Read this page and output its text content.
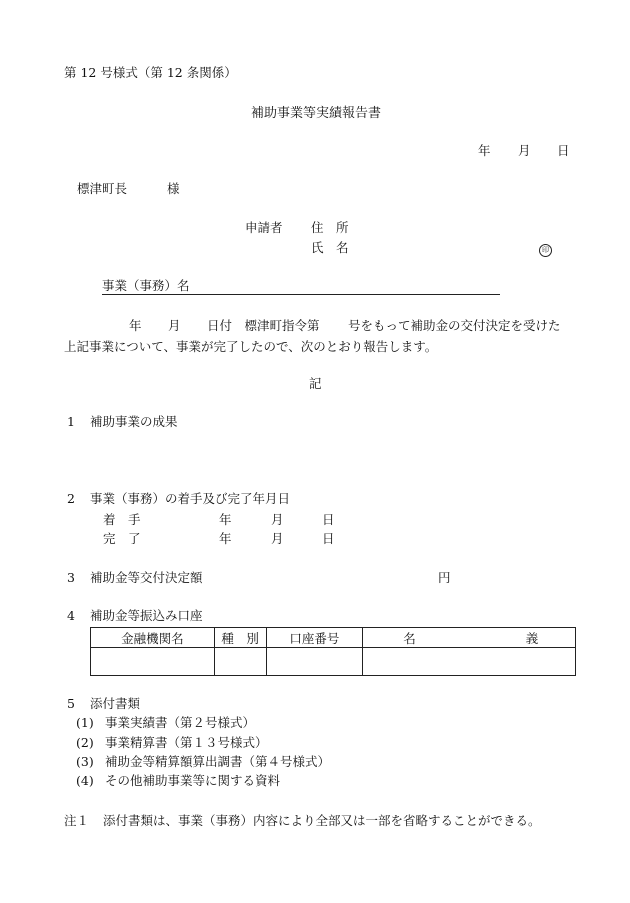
第 12 号様式（第 12 条関係）
補助事業等実績報告書
年 月 日
標津町長	様
申請者 住　所
氏　名	印
事業（事務）名
年 月 日付　標津町指令第 号をもって補助金の交付決定を受けた
上記事業について、事業が完了したので、次のとおり報告します。
記
1 補助事業の成果
2 事業（事務）の着手及び完了年月日
着　手	年	月	日
完　了	年	月	日
3 補助金等交付決定額	円
4 補助金等振込み口座
金融機関名	種　別	口座番号	名 義

5 添付書類
(1) 事業実績書（第２号様式）
(2) 事業精算書（第１３号様式）
(3) 補助金等精算額算出調書（第４号様式）
(4) その他補助事業等に関する資料
注１ 添付書類は、事業（事務）内容により全部又は一部を省略することができる。
